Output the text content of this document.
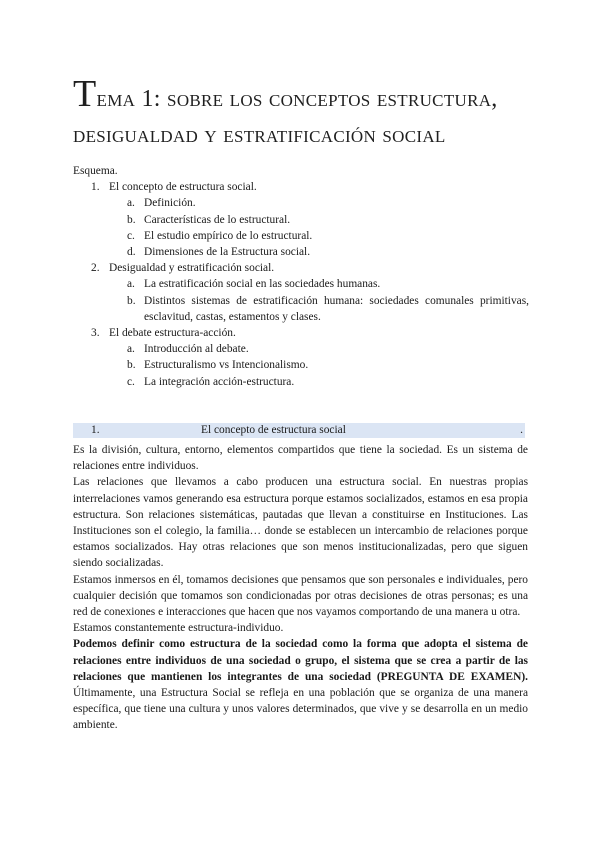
Tema 1: sobre los conceptos estructura, desigualdad y estratificación social

Esquema.

1. El concepto de estructura social.
a. Definición.
b. Características de lo estructural.
c. El estudio empírico de lo estructural.
d. Dimensiones de la Estructura social.
2. Desigualdad y estratificación social.
a. La estratificación social en las sociedades humanas.
b. Distintos sistemas de estratificación humana: sociedades comunales primitivas, esclavitud, castas, estamentos y clases.
3. El debate estructura-acción.
a. Introducción al debate.
b. Estructuralismo vs Intencionalismo.
c. La integración acción-estructura.
1.	El concepto de estructura social	.

Es la división, cultura, entorno, elementos compartidos que tiene la sociedad. Es un sistema de relaciones entre individuos.

Las relaciones que llevamos a cabo producen una estructura social. En nuestras propias interrelaciones vamos generando esa estructura porque estamos socializados, estamos en esa propia estructura. Son relaciones sistemáticas, pautadas que llevan a constituirse en Instituciones. Las Instituciones son el colegio, la familia… donde se establecen un intercambio de relaciones porque estamos socializados. Hay otras relaciones que son menos institucionalizadas, pero que siguen siendo socializadas.

Estamos inmersos en él, tomamos decisiones que pensamos que son personales e individuales, pero cualquier decisión que tomamos son condicionadas por otras decisiones de otras personas; es una red de conexiones e interacciones que hacen que nos vayamos comportando de una manera u otra.

Estamos constantemente estructura-individuo.

Podemos definir como estructura de la sociedad como la forma que adopta el sistema de relaciones entre individuos de una sociedad o grupo, el sistema que se crea a partir de las relaciones que mantienen los integrantes de una sociedad (PREGUNTA DE EXAMEN). Últimamente, una Estructura Social se refleja en una población que se organiza de una manera específica, que tiene una cultura y unos valores determinados, que vive y se desarrolla en un medio ambiente.
